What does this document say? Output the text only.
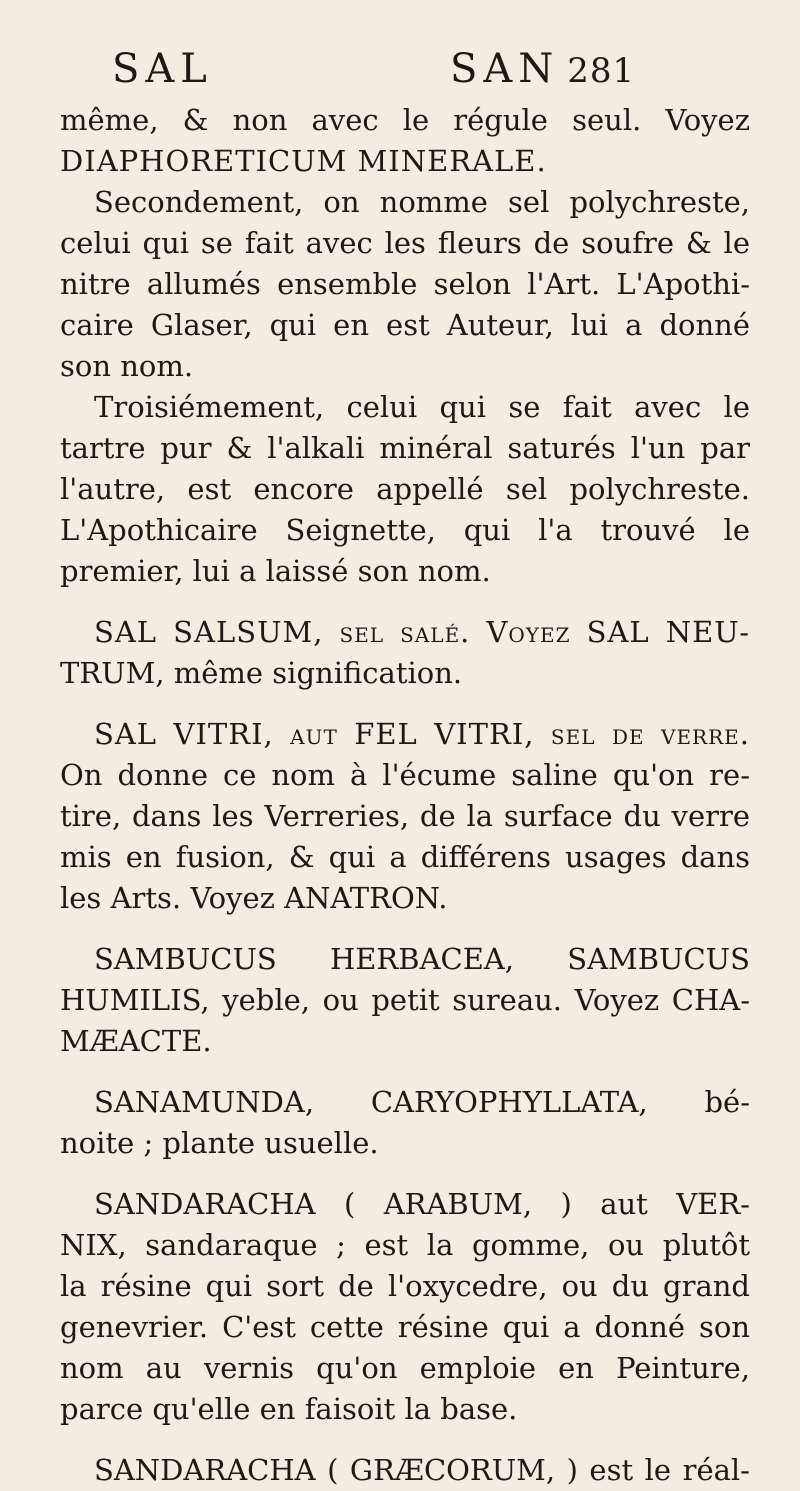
SAL	SAN 281
même, & non avec le régule seul. Voyez
DIAPHORETICUM MINERALE.
Secondement, on nomme sel polychreste,
celui qui se fait avec les fleurs de soufre & le
nitre allumés ensemble selon l'Art. L'Apothi-
caire Glaser, qui en est Auteur, lui a donné
son nom.
Troisiémement, celui qui se fait avec le
tartre pur & l'alkali minéral saturés l'un par
l'autre, est encore appellé sel polychreste.
L'Apothicaire Seignette, qui l'a trouvé le
premier, lui a laissé son nom.
SAL SALSUM, sel salé. Voyez SAL NEU-
TRUM, même signification.
SAL VITRI, aut FEL VITRI, sel de verre.
On donne ce nom à l'écume saline qu'on re-
tire, dans les Verreries, de la surface du verre
mis en fusion, & qui a différens usages dans
les Arts. Voyez ANATRON.
SAMBUCUS HERBACEA, SAMBUCUS
HUMILIS, yeble, ou petit sureau. Voyez CHA-
MÆACTE.
SANAMUNDA, CARYOPHYLLATA, bé-
noite ; plante usuelle.
SANDARACHA ( ARABUM, ) aut VER-
NIX, sandaraque ; est la gomme, ou plutôt
la résine qui sort de l'oxycedre, ou du grand
genevrier. C'est cette résine qui a donné son
nom au vernis qu'on emploie en Peinture,
parce qu'elle en faisoit la base.
SANDARACHA ( GRÆCORUM, ) est le réal-
